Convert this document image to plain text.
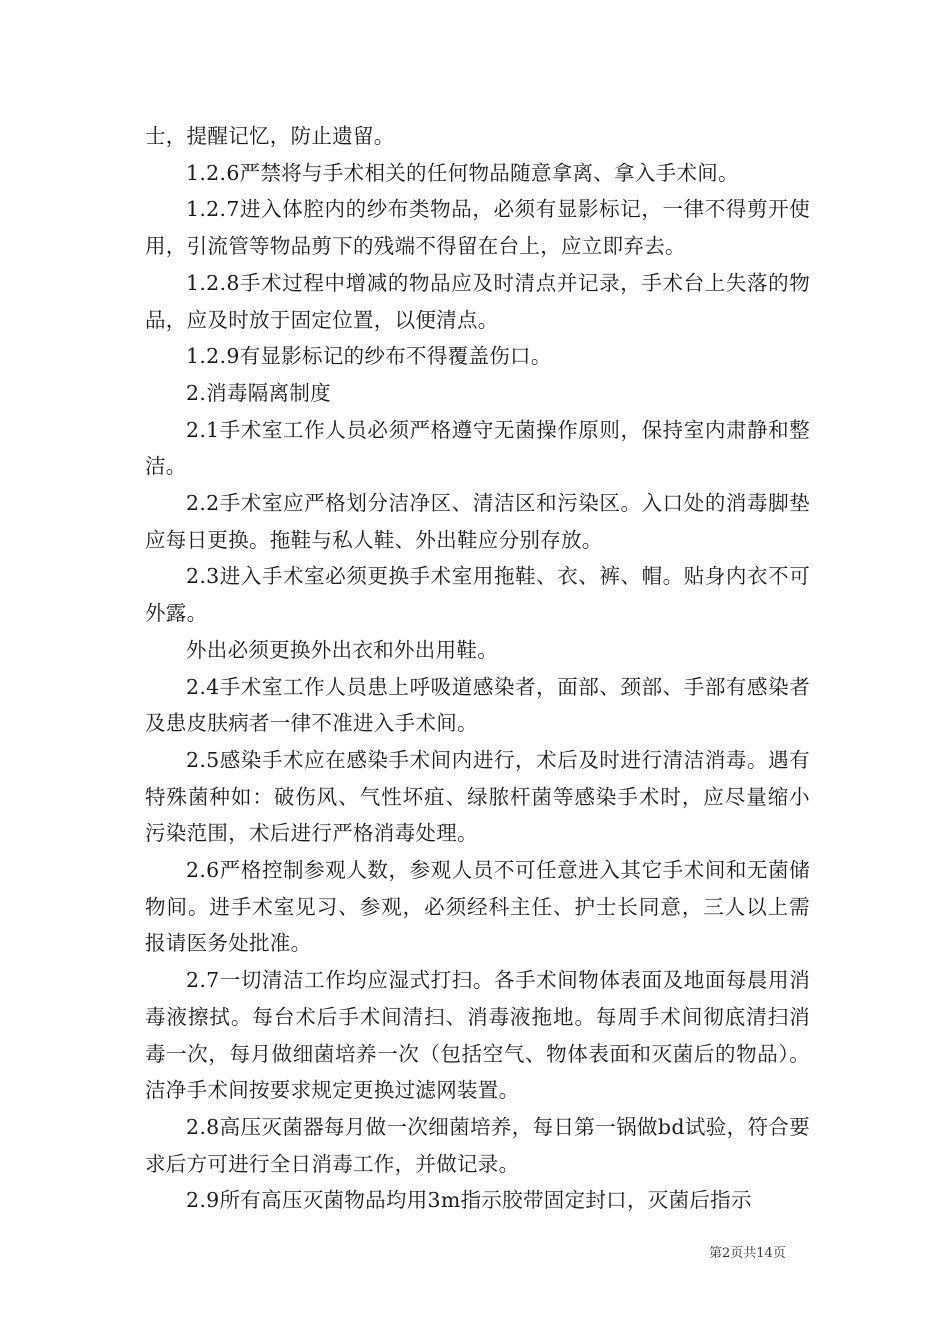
士，提醒记忆，防止遗留。

1.2.6严禁将与手术相关的任何物品随意拿离、拿入手术间。

1.2.7进入体腔内的纱布类物品，必须有显影标记，一律不得剪开使用，引流管等物品剪下的残端不得留在台上，应立即弃去。

1.2.8手术过程中增减的物品应及时清点并记录，手术台上失落的物品，应及时放于固定位置，以便清点。

1.2.9有显影标记的纱布不得覆盖伤口。

2.消毒隔离制度

2.1手术室工作人员必须严格遵守无菌操作原则，保持室内肃静和整洁。

2.2手术室应严格划分洁净区、清洁区和污染区。入口处的消毒脚垫应每日更换。拖鞋与私人鞋、外出鞋应分别存放。

2.3进入手术室必须更换手术室用拖鞋、衣、裤、帽。贴身内衣不可外露。

外出必须更换外出衣和外出用鞋。

2.4手术室工作人员患上呼吸道感染者，面部、颈部、手部有感染者及患皮肤病者一律不准进入手术间。

2.5感染手术应在感染手术间内进行，术后及时进行清洁消毒。遇有特殊菌种如：破伤风、气性坏疽、绿脓杆菌等感染手术时，应尽量缩小污染范围，术后进行严格消毒处理。

2.6严格控制参观人数，参观人员不可任意进入其它手术间和无菌储物间。进手术室见习、参观，必须经科主任、护士长同意，三人以上需报请医务处批准。

2.7一切清洁工作均应湿式打扫。各手术间物体表面及地面每晨用消毒液擦拭。每台术后手术间清扫、消毒液拖地。每周手术间彻底清扫消毒一次，每月做细菌培养一次（包括空气、物体表面和灭菌后的物品）。洁净手术间按要求规定更换过滤网装置。

2.8高压灭菌器每月做一次细菌培养，每日第一锅做bd试验，符合要求后方可进行全日消毒工作，并做记录。

2.9所有高压灭菌物品均用3m指示胶带固定封口，灭菌后指示

第2页共14页
